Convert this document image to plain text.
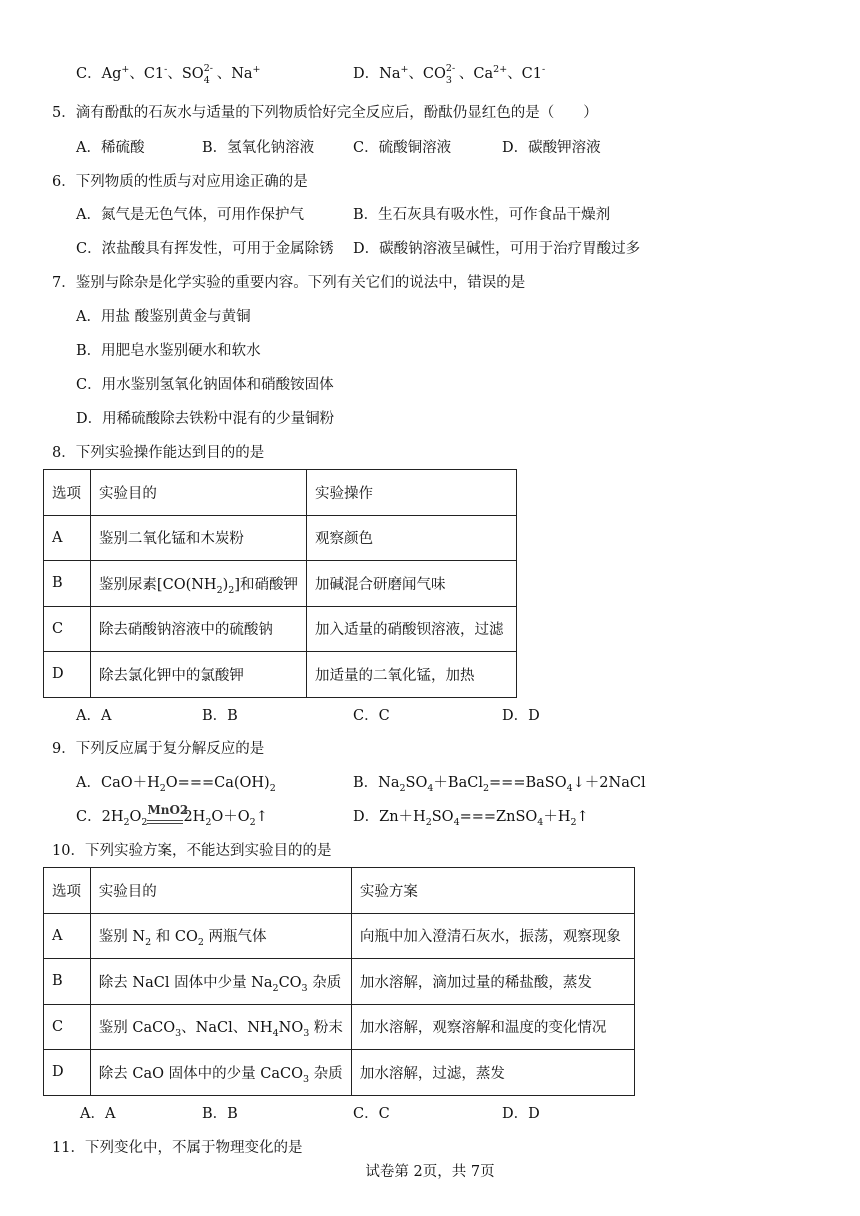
C．Ag+、C1-、SO 2-
4 、Na+	D．Na+、CO 2-
3 、$Ca^{2+}$、C1-
5．滴有酚酞的石灰水与适量的下列物质恰好完全反应后，酚酞仍显红色的是（　　）
A．稀硫酸	B．氢氧化钠溶液	C．硫酸铜溶液	D．碳酸钾溶液
6．下列物质的性质与对应用途正确的是
A．氮气是无色气体，可用作保护气	B．生石灰具有吸水性，可作食品干燥剂
C．浓盐酸具有挥发性，可用于金属除锈 D．碳酸钠溶液呈碱性，可用于治疗胃酸过多
7．鉴别与除杂是化学实验的重要内容。下列有关它们的说法中，错误的是
A．用盐 酸鉴别黄金与黄铜
B．用肥皂水鉴别硬水和软水
C．用水鉴别氢氧化钠固体和硝酸铵固体
D．用稀硫酸除去铁粉中混有的少量铜粉
8．下列实验操作能达到目的的是
选项	实验目的	实验操作
A	鉴别二氧化锰和木炭粉	观察颜色
B	鉴别尿素$[CO(NH_2)_2]$和硝酸钾	加碱混合研磨闻气味
C	除去硝酸钠溶液中的硫酸钠	加入适量的硝酸钡溶液，过滤
D	除去氯化钾中的氯酸钾	加适量的二氧化锰，加热
A．A	B．B	C．C	D．D
9．下列反应属于复分解反应的是
A．$CaO+H_2O===Ca(OH)_2$	B．$Na_2SO_4+BaCl_2===BaSO_4↓+2NaCl$
C．$2H_2O_2$
MnO2
$2H_2O+O_2↑$	D．$Zn+H_2SO_4===ZnSO_4+H_2↑$
10．下列实验方案，不能达到实验目的的是
选项	实验目的	实验方案
A	鉴别 $N_2$ 和 $CO_2$ 两瓶气体	向瓶中加入澄清石灰水，振荡，观察现象
B	除去 NaCl 固体中少量 $Na_2CO_3$ 杂质	加水溶解，滴加过量的稀盐酸，蒸发
C	鉴别 CaCO$_3$、NaCl、$NH_4NO_3$ 粉末	加水溶解，观察溶解和温度的变化情况
D	除去 CaO 固体中的少量 CaCO$_3$ 杂质	加水溶解，过滤，蒸发
A．A	B．B	C．C	D．D
11．下列变化中，不属于物理变化的是
试卷第 2页，共 7页
